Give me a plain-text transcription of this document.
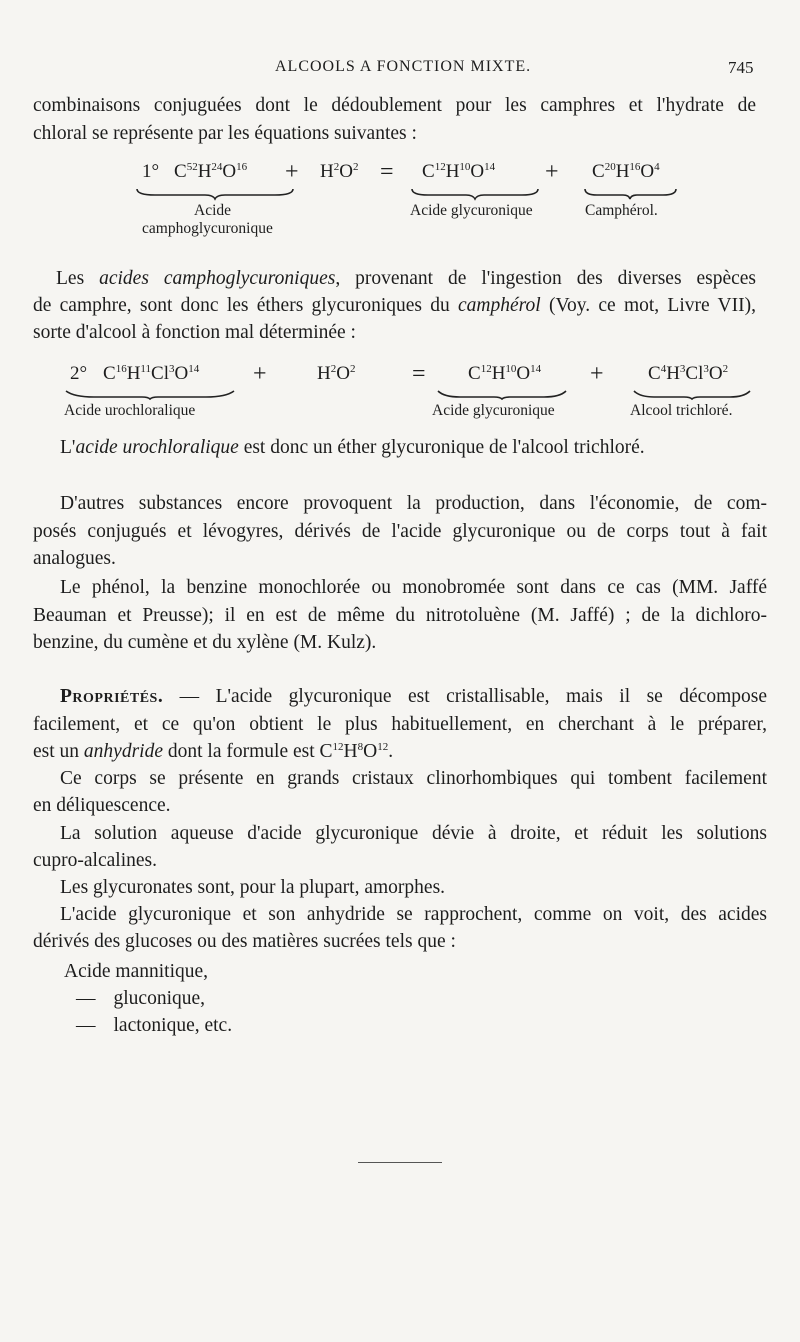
ALCOOLS A FONCTION MIXTE.	745
combinaisons conjuguées dont le dédoublement pour les camphres et l'hydrate de
chloral se représente par les équations suivantes :
1° $C^{52}H^{24}O^{16} + H^2O^2 = C^{12}H^{10}O^{14} + C^{20}H^{16}O^4$
Acide
camphoglycuronique
Acide glycuronique	Camphérol.
Les acides camphoglycuroniques, provenant de l'ingestion des diverses espèces
de camphre, sont donc les éthers glycuroniques du camphérol (Voy. ce mot, Livre VII),
sorte d'alcool à fonction mal déterminée :
2° $C^{16}H^{11}Cl^3O^{14}$ +	$H^2O^2 = C^{12}H^{10}O^{14} + C^4H^3Cl^3O^2$
Acide urochloralique	Acide glycuronique	Alcool trichloré.
L'acide urochloralique est donc un éther glycuronique de l'alcool trichloré.
D'autres substances encore provoquent la production, dans l'économie, de com-
posés conjugués et lévogyres, dérivés de l'acide glycuronique ou de corps tout à fait
analogues.
Le phénol, la benzine monochlorée ou monobromée sont dans ce cas (MM. Jaffé
Beauman et Preusse); il en est de même du nitrotoluène (M. Jaffé) ; de la dichloro-
benzine, du cumène et du xylène (M. Kulz).
Propriétés. — L'acide glycuronique est cristallisable, mais il se décompose
facilement, et ce qu'on obtient le plus habituellement, en cherchant à le préparer,
est un anhydride dont la formule est $C^{12}H^8O^{12}$.
Ce corps se présente en grands cristaux clinorhombiques qui tombent facilement
en déliquescence.
La solution aqueuse d'acide glycuronique dévie à droite, et réduit les solutions
cupro-alcalines.
Les glycuronates sont, pour la plupart, amorphes.
L'acide glycuronique et son anhydride se rapprochent, comme on voit, des acides
dérivés des glucoses ou des matières sucrées tels que :
Acide mannitique,
— gluconique,
— lactonique, etc.
